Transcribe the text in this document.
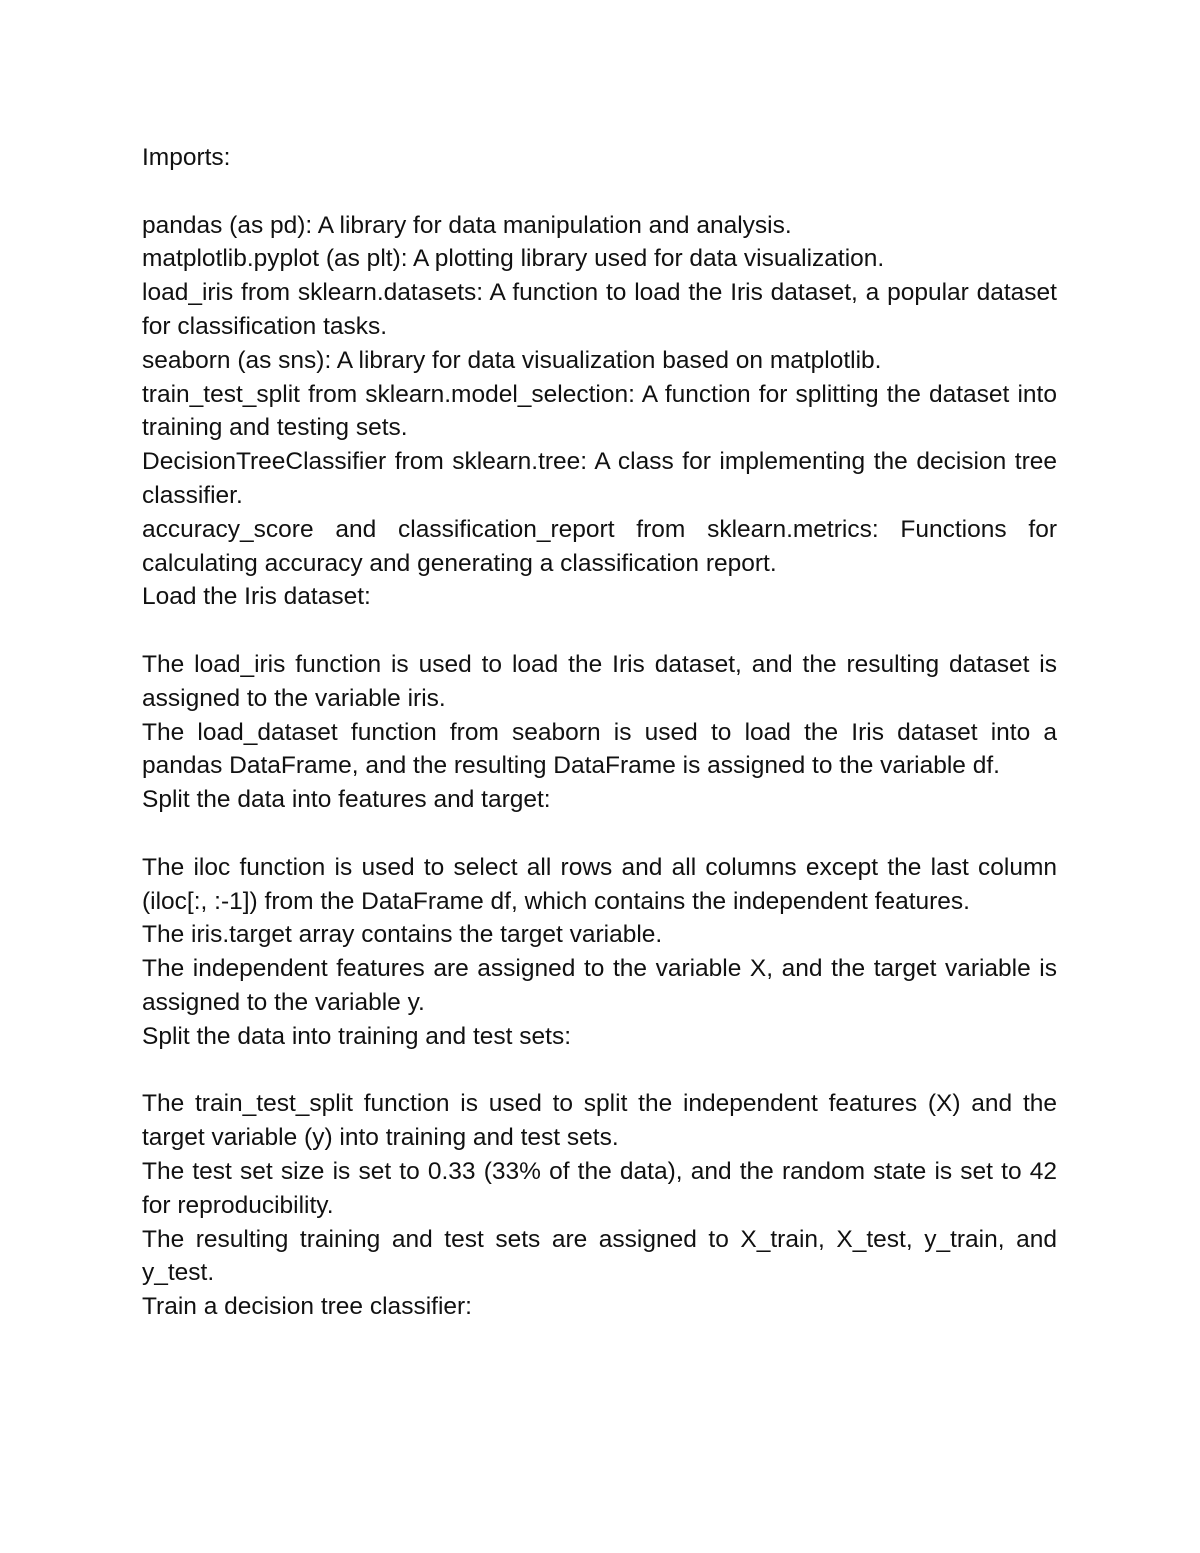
Imports:

pandas (as pd): A library for data manipulation and analysis.

matplotlib.pyplot (as plt): A plotting library used for data visualization.

load_iris from sklearn.datasets: A function to load the Iris dataset, a popular dataset for classification tasks.

seaborn (as sns): A library for data visualization based on matplotlib.

train_test_split from sklearn.model_selection: A function for splitting the dataset into training and testing sets.

DecisionTreeClassifier from sklearn.tree: A class for implementing the decision tree classifier.

accuracy_score and classification_report from sklearn.metrics: Functions for calculating accuracy and generating a classification report.

Load the Iris dataset:

The load_iris function is used to load the Iris dataset, and the resulting dataset is assigned to the variable iris.

The load_dataset function from seaborn is used to load the Iris dataset into a pandas DataFrame, and the resulting DataFrame is assigned to the variable df.

Split the data into features and target:

The iloc function is used to select all rows and all columns except the last column (iloc[:, :-1]) from the DataFrame df, which contains the independent features.

The iris.target array contains the target variable.

The independent features are assigned to the variable X, and the target variable is assigned to the variable y.

Split the data into training and test sets:

The train_test_split function is used to split the independent features (X) and the target variable (y) into training and test sets.

The test set size is set to 0.33 (33% of the data), and the random state is set to 42 for reproducibility.

The resulting training and test sets are assigned to X_train, X_test, y_train, and y_test.

Train a decision tree classifier:
